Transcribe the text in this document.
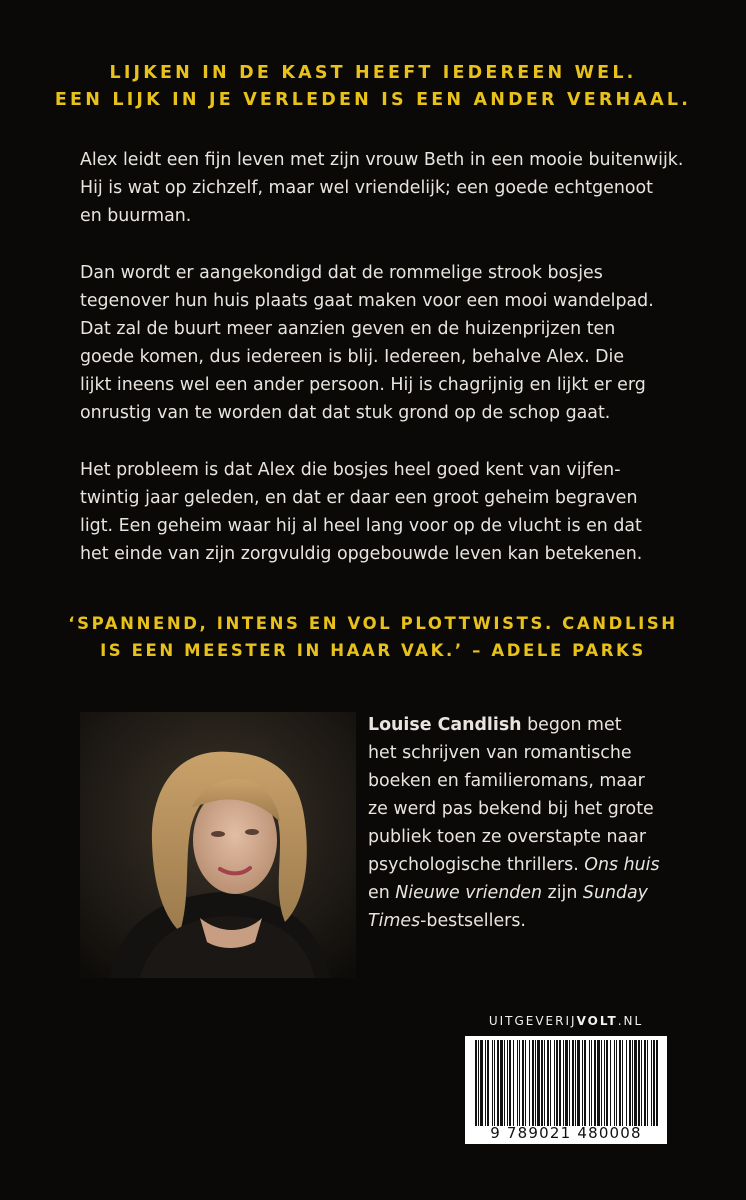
LIJKEN IN DE KAST HEEFT IEDEREEN WEL.
EEN LIJK IN JE VERLEDEN IS EEN ANDER VERHAAL.

Alex leidt een fijn leven met zijn vrouw Beth in een mooie buitenwijk.
Hij is wat op zichzelf, maar wel vriendelijk; een goede echtgenoot
en buurman.

Dan wordt er aangekondigd dat de rommelige strook bosjes
tegenover hun huis plaats gaat maken voor een mooi wandelpad.
Dat zal de buurt meer aanzien geven en de huizenprijzen ten
goede komen, dus iedereen is blij. Iedereen, behalve Alex. Die
lijkt ineens wel een ander persoon. Hij is chagrijnig en lijkt er erg
onrustig van te worden dat dat stuk grond op de schop gaat.

Het probleem is dat Alex die bosjes heel goed kent van vijfen-
twintig jaar geleden, en dat er daar een groot geheim begraven
ligt. Een geheim waar hij al heel lang voor op de vlucht is en dat
het einde van zijn zorgvuldig opgebouwde leven kan betekenen.

‘SPANNEND, INTENS EN VOL PLOTTWISTS. CANDLISH
IS EEN MEESTER IN HAAR VAK.’ – ADELE PARKS
Louise Candlish begon met
het schrijven van romantische
boeken en familieromans, maar
ze werd pas bekend bij het grote
publiek toen ze overstapte naar
psychologische thrillers. Ons huis
en Nieuwe vrienden zijn Sunday
Times-bestsellers.
UITGEVERIJVOLT.NL
9 789021 480008
